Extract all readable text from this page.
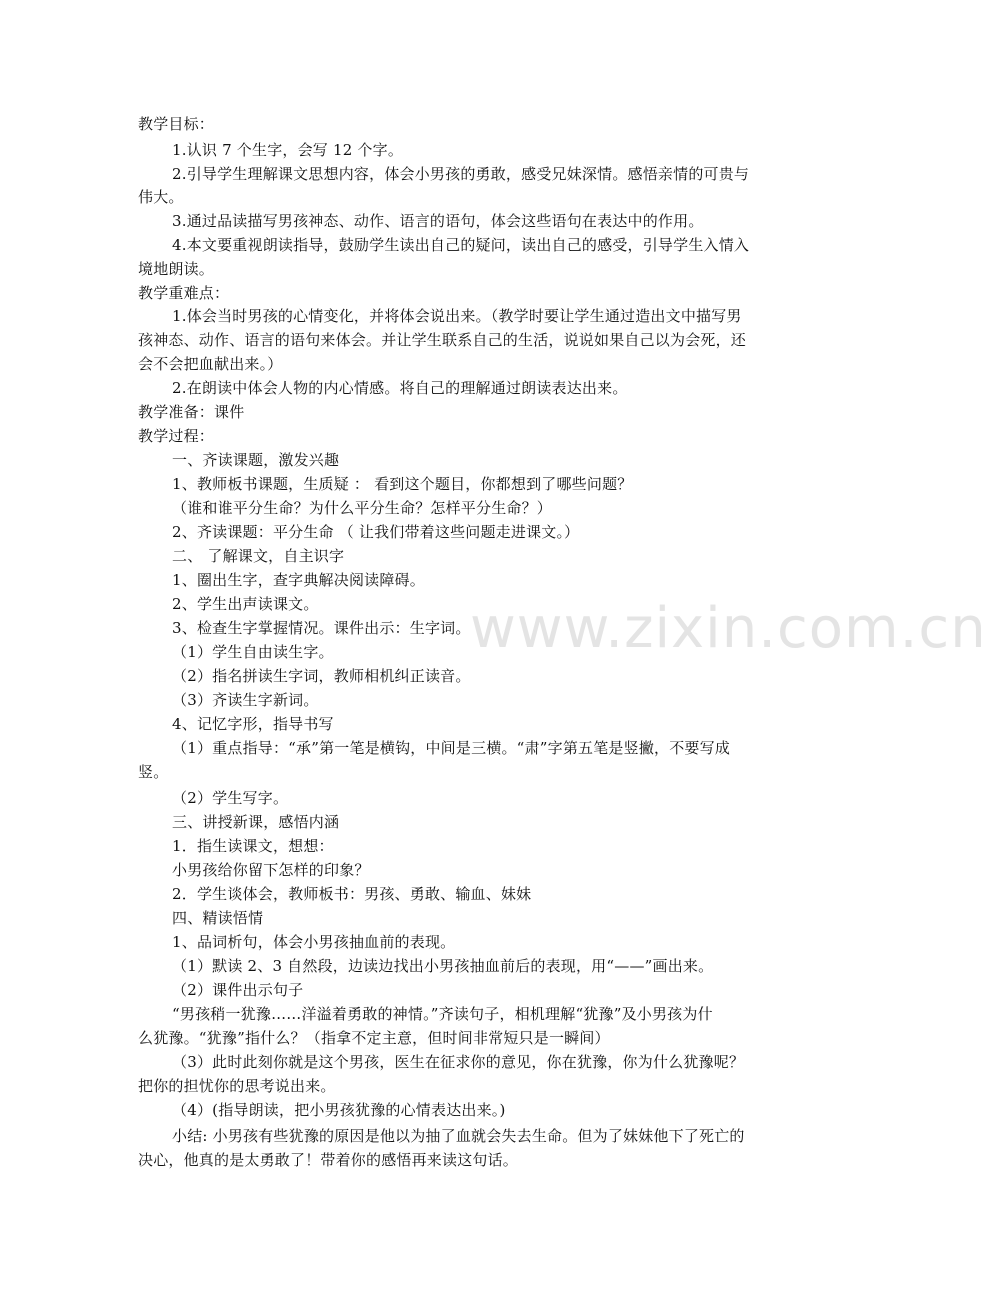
www.zixin.com.cn
教学目标：
1.认识 7 个生字，会写 12 个字。
2.引导学生理解课文思想内容，体会小男孩的勇敢，感受兄妹深情。感悟亲情的可贵与
伟大。
3.通过品读描写男孩神态、动作、语言的语句，体会这些语句在表达中的作用。
4.本文要重视朗读指导，鼓励学生读出自己的疑问，读出自己的感受，引导学生入情入
境地朗读。
教学重难点：
1.体会当时男孩的心情变化，并将体会说出来。（教学时要让学生通过造出文中描写男
孩神态、动作、语言的语句来体会。并让学生联系自己的生活，说说如果自己以为会死，还
会不会把血献出来。）
2.在朗读中体会人物的内心情感。将自己的理解通过朗读表达出来。
教学准备：课件
教学过程：
一、齐读课题，激发兴趣
1、教师板书课题，生质疑 ： 看到这个题目，你都想到了哪些问题？
（谁和谁平分生命？为什么平分生命？怎样平分生命？）
2、齐读课题：平分生命 （ 让我们带着这些问题走进课文。）
二、 了解课文，自主识字
1、圈出生字，查字典解决阅读障碍。
2、学生出声读课文。
3、检查生字掌握情况。课件出示：生字词。
（1）学生自由读生字。
（2）指名拼读生字词，教师相机纠正读音。
（3）齐读生字新词。
4、记忆字形，指导书写
（1）重点指导：“承”第一笔是横钩，中间是三横。“肃”字第五笔是竖撇，不要写成
竖。
（2）学生写字。
三、讲授新课，感悟内涵
1．指生读课文，想想：
小男孩给你留下怎样的印象？
2．学生谈体会，教师板书：男孩、勇敢、输血、妹妹
四、精读悟情
1、品词析句，体会小男孩抽血前的表现。
（1）默读 2、3 自然段，边读边找出小男孩抽血前后的表现，用“——”画出来。
（2）课件出示句子
“男孩稍一犹豫……洋溢着勇敢的神情。”齐读句子，相机理解“犹豫”及小男孩为什
么犹豫。“犹豫”指什么？（指拿不定主意，但时间非常短只是一瞬间）
（3）此时此刻你就是这个男孩，医生在征求你的意见，你在犹豫，你为什么犹豫呢？
把你的担忧你的思考说出来。
（4）(指导朗读，把小男孩犹豫的心情表达出来。)
小结: 小男孩有些犹豫的原因是他以为抽了血就会失去生命。但为了妹妹他下了死亡的
决心，他真的是太勇敢了！带着你的感悟再来读这句话。
